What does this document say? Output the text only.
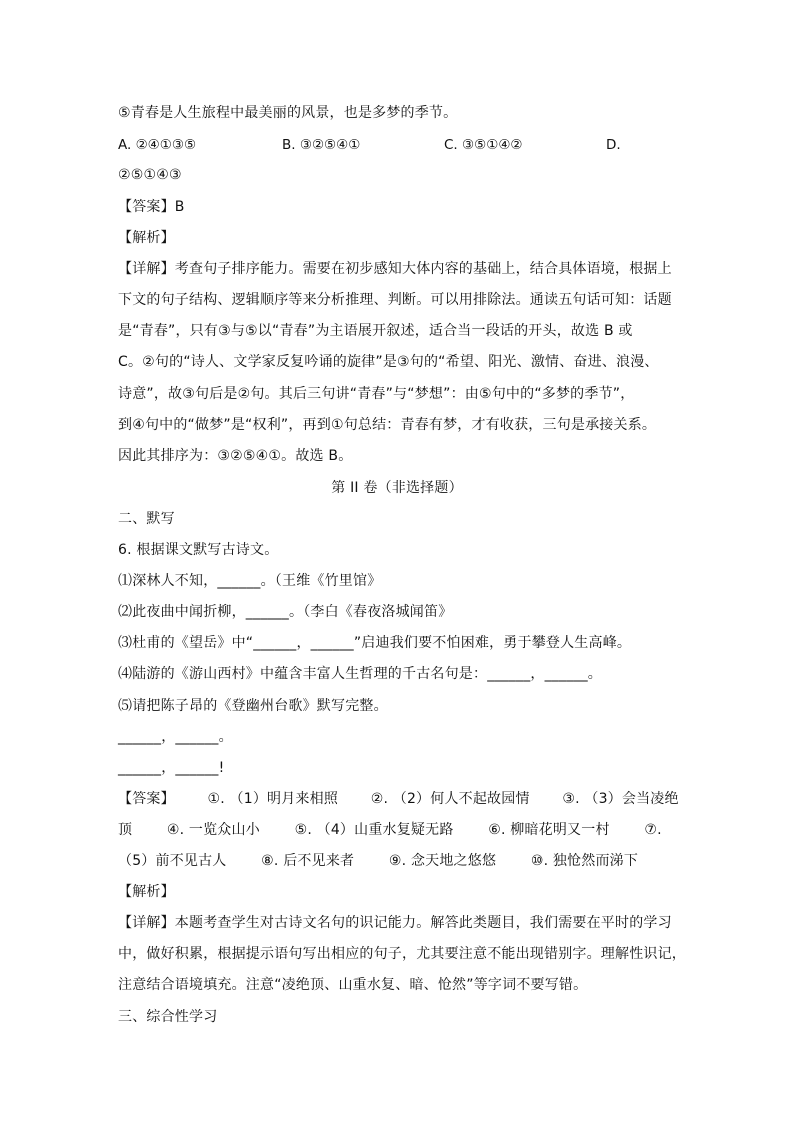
⑤青春是人生旅程中最美丽的风景，也是多梦的季节。
A. ②④①③⑤	B. ③②⑤④①	C. ③⑤①④②	D.
②⑤①④③
【答案】B
【解析】
【详解】考查句子排序能力。需要在初步感知大体内容的基础上，结合具体语境，根据上
下文的句子结构、逻辑顺序等来分析推理、判断。可以用排除法。通读五句话可知：话题
是“青春”，只有③与⑤以“青春”为主语展开叙述，适合当一段话的开头，故选 B 或
C。②句的“诗人、文学家反复吟诵的旋律”是③句的“希望、阳光、激情、奋进、浪漫、
诗意”，故③句后是②句。其后三句讲“青春”与“梦想”：由⑤句中的“多梦的季节”，
到④句中的“做梦”是“权利”，再到①句总结：青春有梦，才有收获，三句是承接关系。
因此其排序为：③②⑤④①。故选 B。
第 II 卷（非选择题）
二、默写
6. 根据课文默写古诗文。
⑴深林人不知，______。（王维《竹里馆》
⑵此夜曲中闻折柳，______。（李白《春夜洛城闻笛》
⑶杜甫的《望岳》中“______，______”启迪我们要不怕困难，勇于攀登人生高峰。
⑷陆游的《游山西村》中蕴含丰富人生哲理的千古名句是：______，______。
⑸请把陈子昂的《登幽州台歌》默写完整。
______，______。
______，______!
【答案】 ①. （1）明月来相照 ②. （2）何人不起故园情 ③. （3）会当凌绝
顶 ④. 一览众山小 ⑤. （4）山重水复疑无路 ⑥. 柳暗花明又一村 ⑦.
（5）前不见古人 ⑧. 后不见来者 ⑨. 念天地之悠悠 ⑩. 独怆然而涕下
【解析】
【详解】本题考查学生对古诗文名句的识记能力。解答此类题目，我们需要在平时的学习
中，做好积累，根据提示语句写出相应的句子，尤其要注意不能出现错别字。理解性识记，
注意结合语境填充。注意“凌绝顶、山重水复、暗、怆然”等字词不要写错。
三、综合性学习
